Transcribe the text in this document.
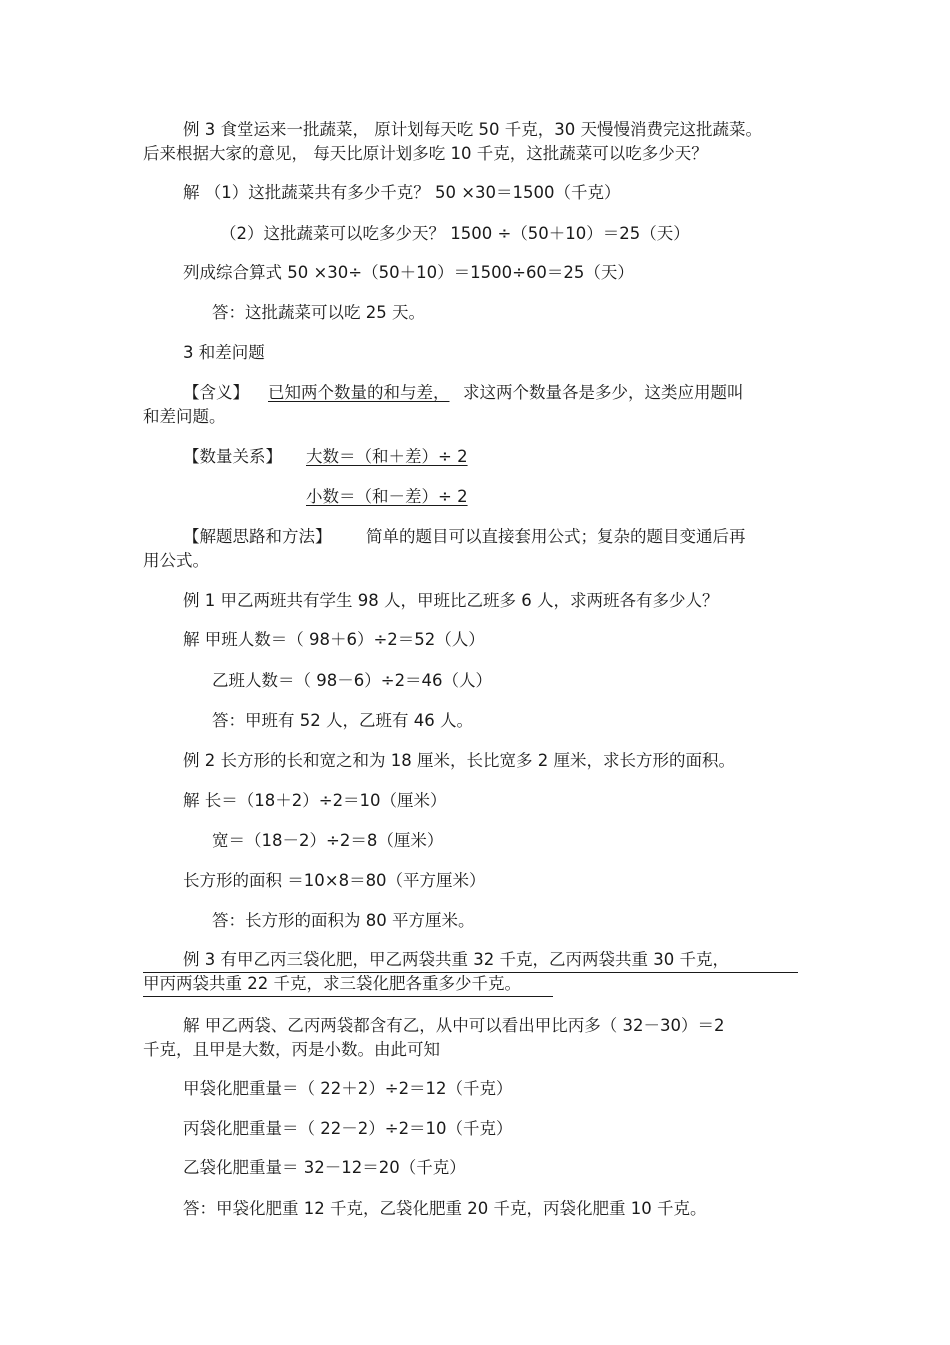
例 3 食堂运来一批蔬菜， 原计划每天吃 50 千克，30 天慢慢消费完这批蔬菜。
后来根据大家的意见， 每天比原计划多吃 10 千克，这批蔬菜可以吃多少天？
解 （1）这批蔬菜共有多少千克？ 50 ×30＝1500（千克）
（2）这批蔬菜可以吃多少天？ 1500 ÷（50＋10）＝25（天）
列成综合算式 50 ×30÷（50＋10）＝1500÷60＝25（天）
答：这批蔬菜可以吃 25 天。
3 和差问题
【含义】 已知两个数量的和与差， 求这两个数量各是多少，这类应用题叫
和差问题。
【数量关系】 大数＝（和＋差）÷ 2
小数＝（和－差）÷ 2
【解题思路和方法】 简单的题目可以直接套用公式；复杂的题目变通后再
用公式。
例 1 甲乙两班共有学生 98 人，甲班比乙班多 6 人，求两班各有多少人？
解 甲班人数＝（ 98＋6）÷2＝52（人）
乙班人数＝（ 98－6）÷2＝46（人）
答：甲班有 52 人，乙班有 46 人。
例 2 长方形的长和宽之和为 18 厘米，长比宽多 2 厘米，求长方形的面积。
解 长＝（18＋2）÷2＝10（厘米）
宽＝（18－2）÷2＝8（厘米）
长方形的面积 ＝10×8＝80（平方厘米）
答：长方形的面积为 80 平方厘米。
例 3 有甲乙丙三袋化肥，甲乙两袋共重 32 千克，乙丙两袋共重 30 千克，
甲丙两袋共重 22 千克，求三袋化肥各重多少千克。
解 甲乙两袋、乙丙两袋都含有乙，从中可以看出甲比丙多（ 32－30）＝2
千克，且甲是大数，丙是小数。由此可知
甲袋化肥重量＝（ 22＋2）÷2＝12（千克）
丙袋化肥重量＝（ 22－2）÷2＝10（千克）
乙袋化肥重量＝ 32－12＝20（千克）
答：甲袋化肥重 12 千克，乙袋化肥重 20 千克，丙袋化肥重 10 千克。
